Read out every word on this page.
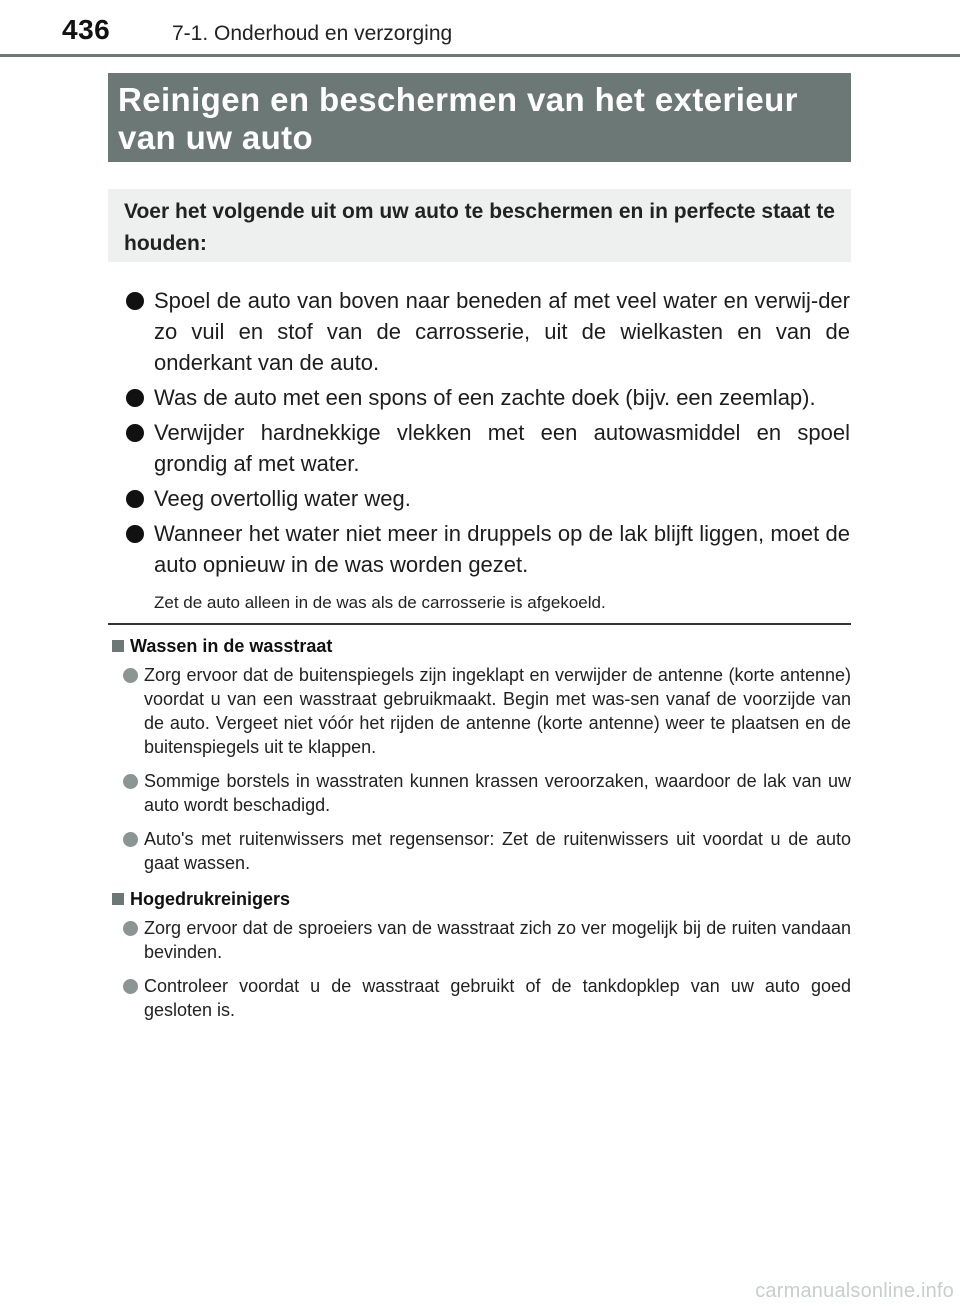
436	7-1. Onderhoud en verzorging
Reinigen en beschermen van het exterieur
van uw auto

Voer het volgende uit om uw auto te beschermen en in perfecte staat te houden:

Spoel de auto van boven naar beneden af met veel water en verwij-der zo vuil en stof van de carrosserie, uit de wielkasten en van de onderkant van de auto.
Was de auto met een spons of een zachte doek (bijv. een zeemlap).
Verwijder hardnekkige vlekken met een autowasmiddel en spoel grondig af met water.
Veeg overtollig water weg.
Wanneer het water niet meer in druppels op de lak blijft liggen, moet de auto opnieuw in de was worden gezet.
Zet de auto alleen in de was als de carrosserie is afgekoeld.
Wassen in de wasstraat
Zorg ervoor dat de buitenspiegels zijn ingeklapt en verwijder de antenne (korte antenne) voordat u van een wasstraat gebruikmaakt. Begin met was-sen vanaf de voorzijde van de auto. Vergeet niet vóór het rijden de antenne (korte antenne) weer te plaatsen en de buitenspiegels uit te klappen.
Sommige borstels in wasstraten kunnen krassen veroorzaken, waardoor de lak van uw auto wordt beschadigd.
Auto's met ruitenwissers met regensensor: Zet de ruitenwissers uit voordat u de auto gaat wassen.
Hogedrukreinigers
Zorg ervoor dat de sproeiers van de wasstraat zich zo ver mogelijk bij de ruiten vandaan bevinden.
Controleer voordat u de wasstraat gebruikt of de tankdopklep van uw auto goed gesloten is.
carmanualsonline.info
